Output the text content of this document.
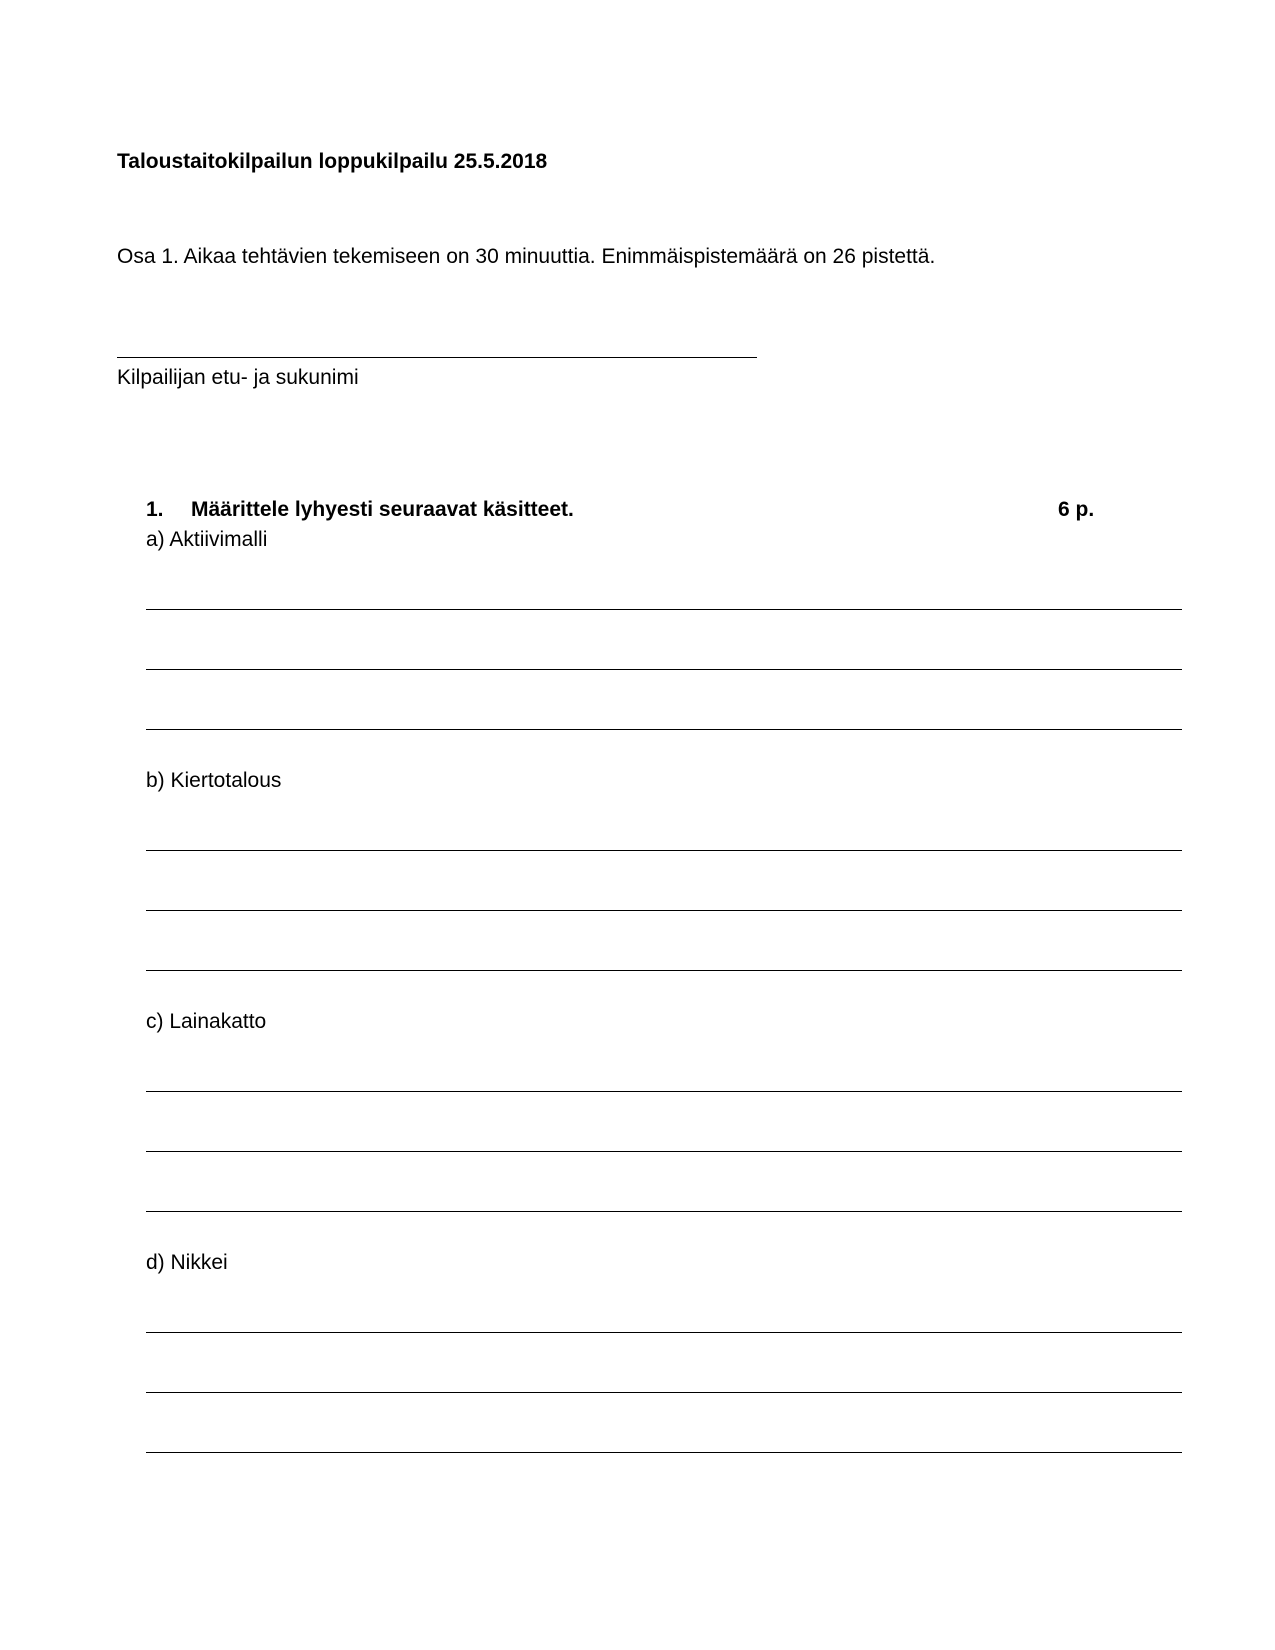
Taloustaitokilpailun loppukilpailu 25.5.2018
Osa 1. Aikaa tehtävien tekemiseen on 30 minuuttia. Enimmäispistemäärä on 26 pistettä.
Kilpailijan etu- ja sukunimi
1. Määrittele lyhyesti seuraavat käsitteet.	6 p.
a) Aktiivimalli
b) Kiertotalous
c) Lainakatto
d) Nikkei
